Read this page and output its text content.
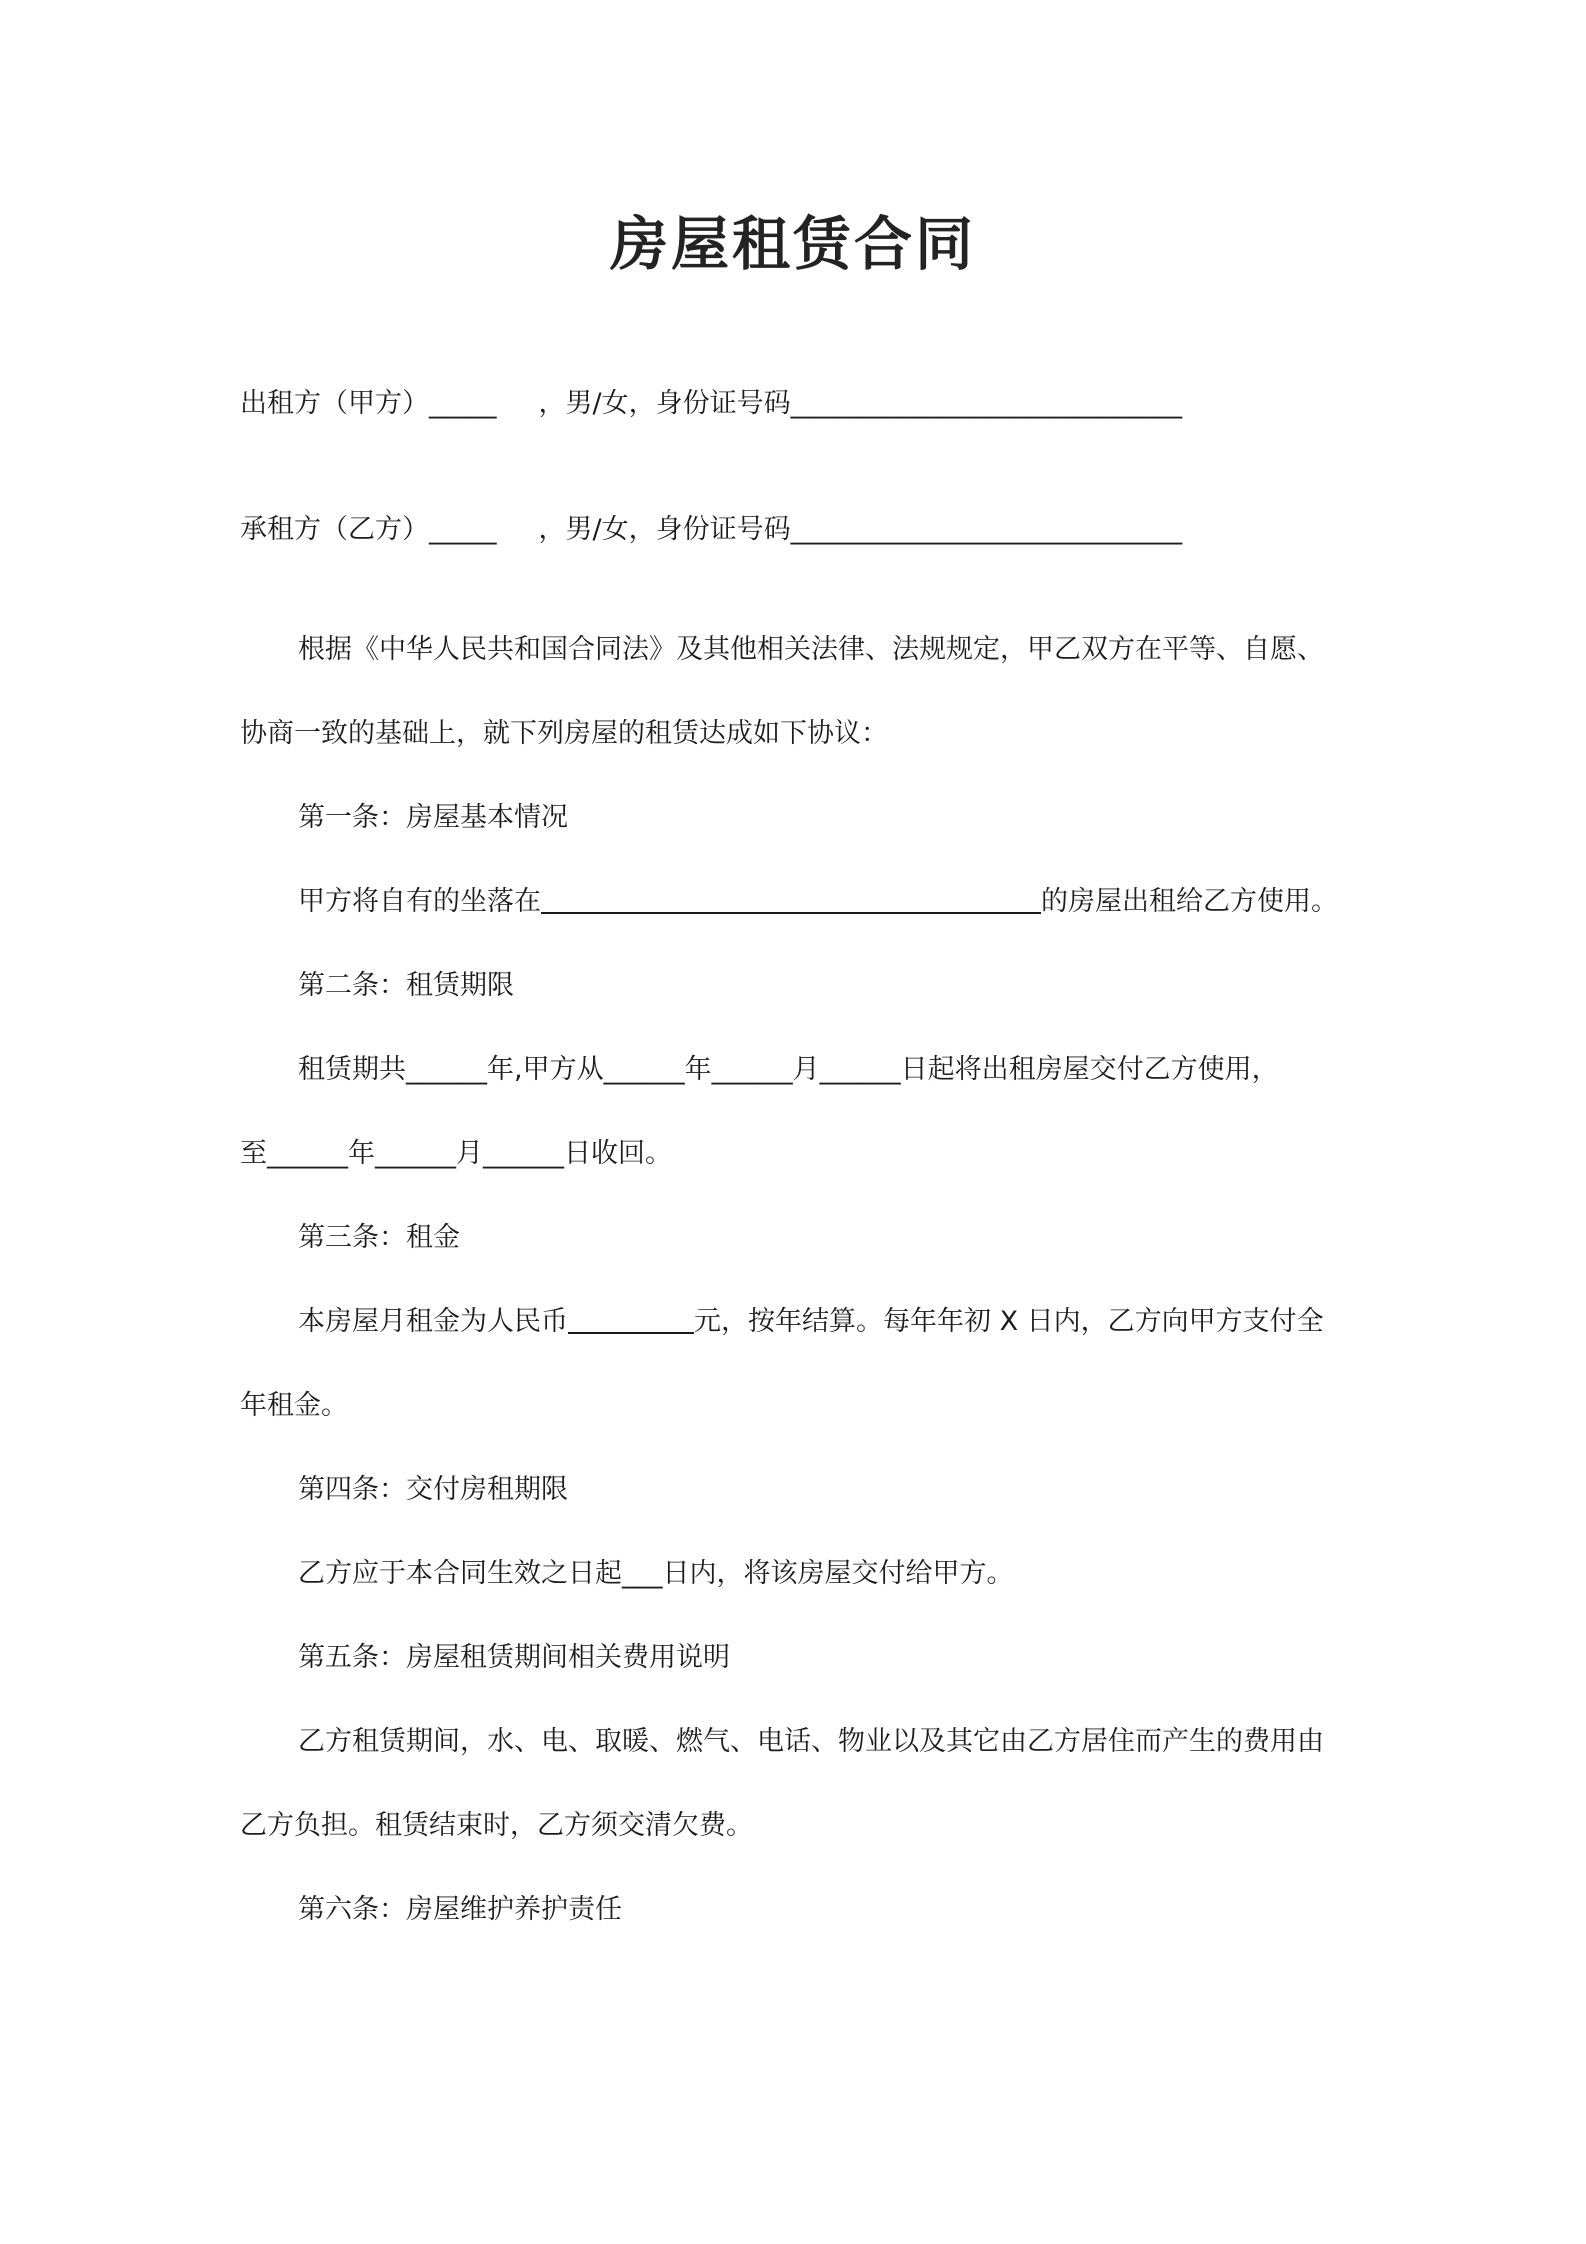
房屋租赁合同
出租方（甲方）_____ ，男/女，身份证号码_____________________________
承租方（乙方）_____ ，男/女，身份证号码_____________________________
根据《中华人民共和国合同法》及其他相关法律、法规规定，甲乙双方在平等、自愿、
协商一致的基础上，就下列房屋的租赁达成如下协议：
第一条：房屋基本情况
甲方将自有的坐落在	的房屋出租给乙方使用。
第二条：租赁期限
租赁期共______年,甲方从______年______月______日起将出租房屋交付乙方使用，
至______年______月______日收回。
第三条：租金
本房屋月租金为人民币	元，按年结算。每年年初 X 日内，乙方向甲方支付全
年租金。
第四条：交付房租期限
乙方应于本合同生效之日起___日内，将该房屋交付给甲方。
第五条：房屋租赁期间相关费用说明
乙方租赁期间，水、电、取暖、燃气、电话、物业以及其它由乙方居住而产生的费用由
乙方负担。租赁结束时，乙方须交清欠费。
第六条：房屋维护养护责任
